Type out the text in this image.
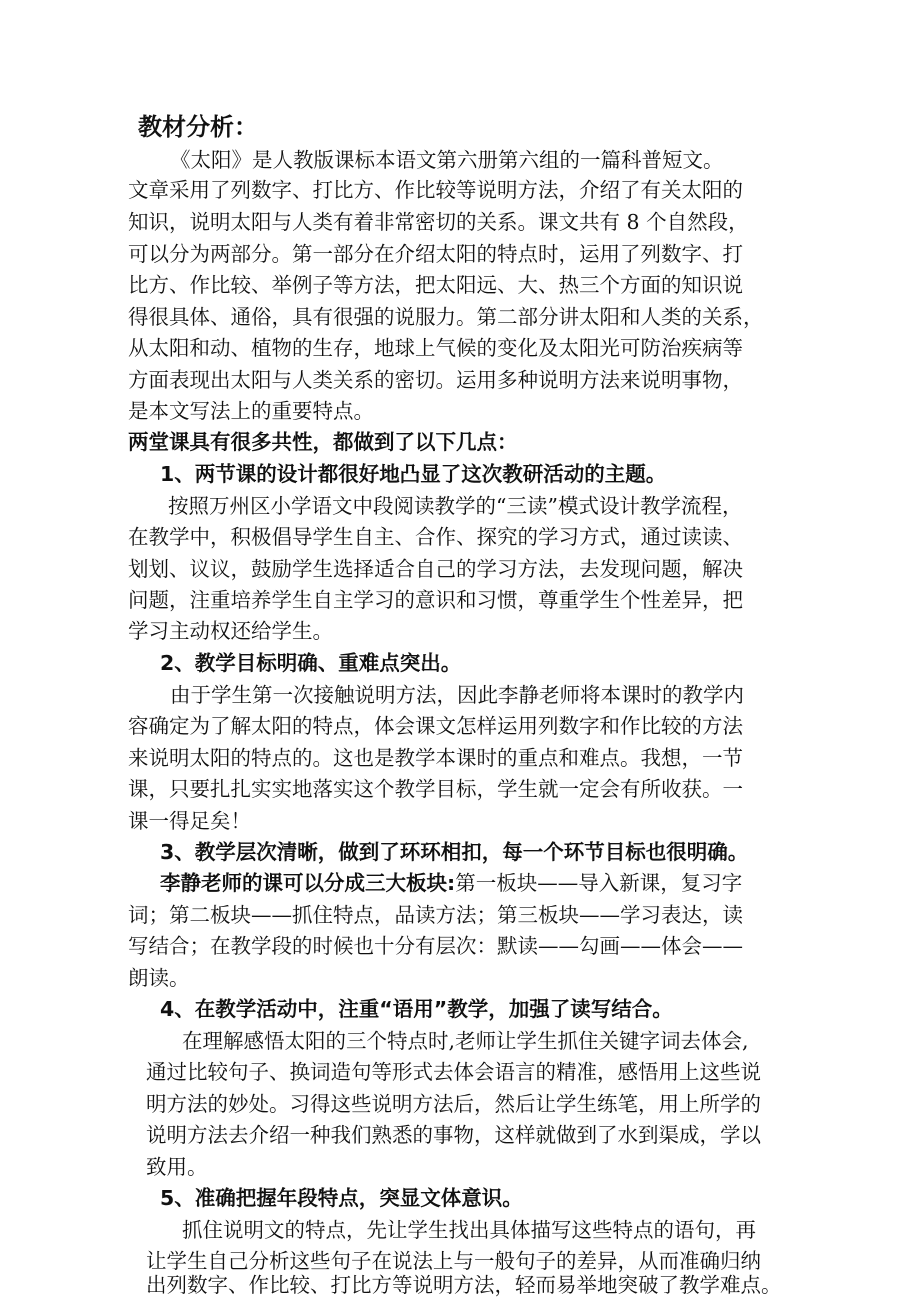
教材分析：
《太阳》是人教版课标本语文第六册第六组的一篇科普短文。
文章采用了列数字、打比方、作比较等说明方法，介绍了有关太阳的
知识，说明太阳与人类有着非常密切的关系。课文共有 8 个自然段，
可以分为两部分。第一部分在介绍太阳的特点时，运用了列数字、打
比方、作比较、举例子等方法，把太阳远、大、热三个方面的知识说
得很具体、通俗，具有很强的说服力。第二部分讲太阳和人类的关系，
从太阳和动、植物的生存，地球上气候的变化及太阳光可防治疾病等
方面表现出太阳与人类关系的密切。运用多种说明方法来说明事物，
是本文写法上的重要特点。
两堂课具有很多共性，都做到了以下几点：
1、两节课的设计都很好地凸显了这次教研活动的主题。
按照万州区小学语文中段阅读教学的“三读”模式设计教学流程，
在教学中，积极倡导学生自主、合作、探究的学习方式，通过读读、
划划、议议，鼓励学生选择适合自己的学习方法，去发现问题，解决
问题，注重培养学生自主学习的意识和习惯，尊重学生个性差异，把
学习主动权还给学生。
2、教学目标明确、重难点突出。
由于学生第一次接触说明方法，因此李静老师将本课时的教学内
容确定为了解太阳的特点，体会课文怎样运用列数字和作比较的方法
来说明太阳的特点的。这也是教学本课时的重点和难点。我想，一节
课，只要扎扎实实地落实这个教学目标，学生就一定会有所收获。一
课一得足矣！
3、教学层次清晰，做到了环环相扣，每一个环节目标也很明确。
李静老师的课可以分成三大板块:第一板块——导入新课，复习字
词；第二板块——抓住特点，品读方法；第三板块——学习表达，读
写结合；在教学段的时候也十分有层次：默读——勾画——体会——
朗读。
4、在教学活动中，注重“语用”教学，加强了读写结合。
在理解感悟太阳的三个特点时,老师让学生抓住关键字词去体会,
通过比较句子、换词造句等形式去体会语言的精准，感悟用上这些说
明方法的妙处。习得这些说明方法后，然后让学生练笔，用上所学的
说明方法去介绍一种我们熟悉的事物，这样就做到了水到渠成，学以
致用。
5、准确把握年段特点，突显文体意识。
抓住说明文的特点，先让学生找出具体描写这些特点的语句，再
让学生自己分析这些句子在说法上与一般句子的差异，从而准确归纳
出列数字、作比较、打比方等说明方法，轻而易举地突破了教学难点。
